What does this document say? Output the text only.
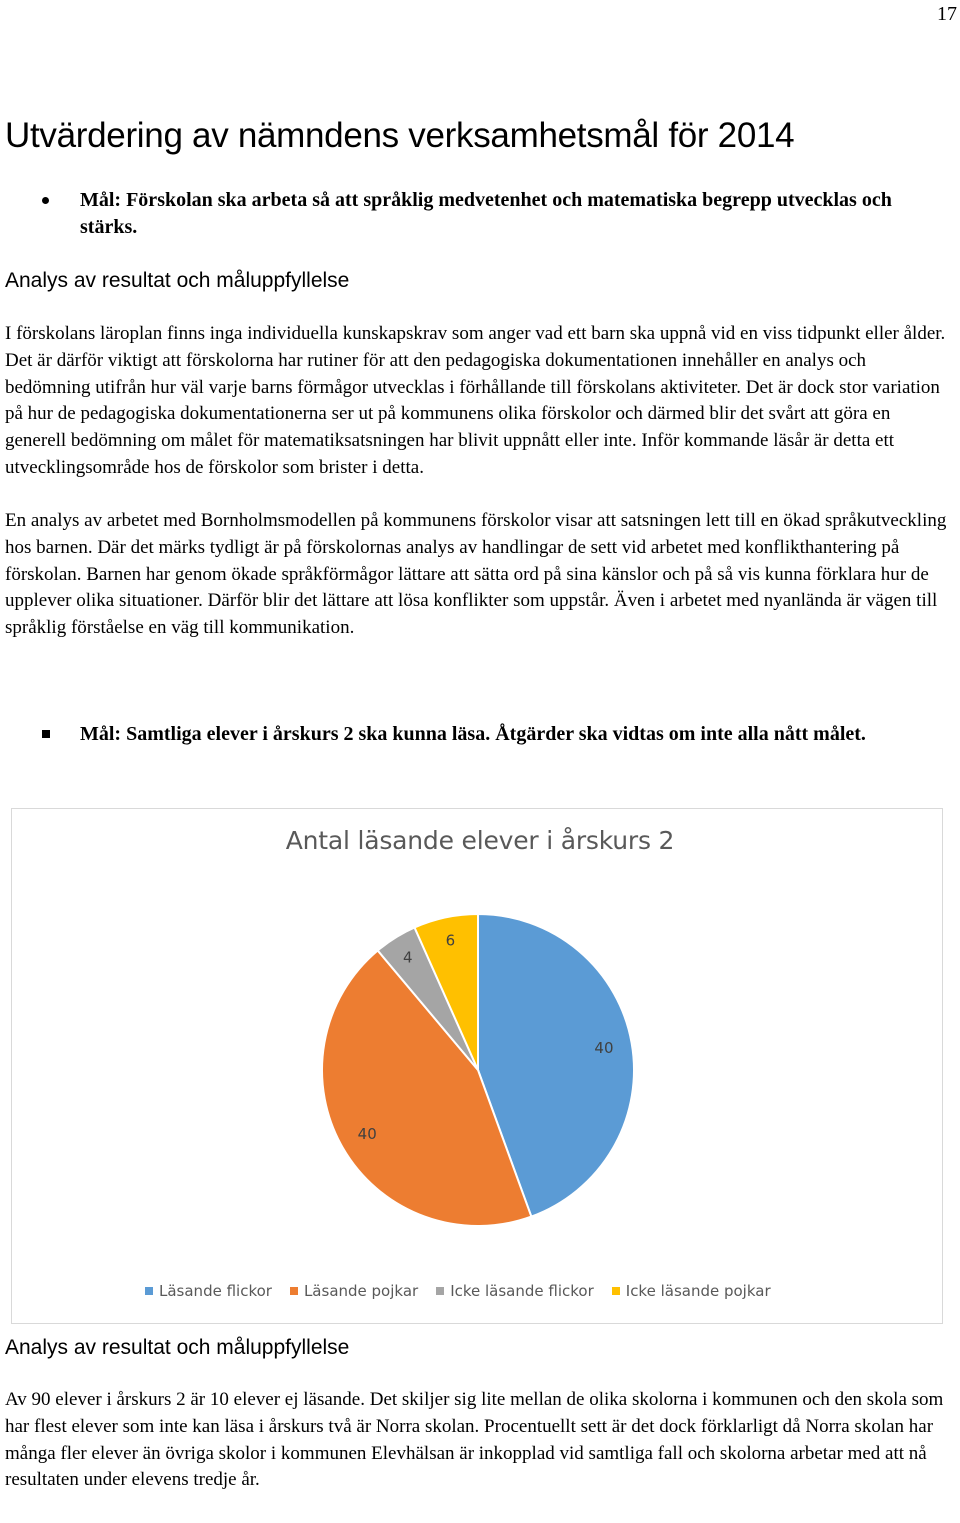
17
Utvärdering av nämndens verksamhetsmål för 2014
Mål: Förskolan ska arbeta så att språklig medvetenhet och matematiska begrepp utvecklas och stärks.
Analys av resultat och måluppfyllelse

I förskolans läroplan finns inga individuella kunskapskrav som anger vad ett barn ska uppnå vid en viss tidpunkt eller ålder. Det är därför viktigt att förskolorna har rutiner för att den pedagogiska dokumentationen innehåller en analys och bedömning utifrån hur väl varje barns förmågor utvecklas i förhållande till förskolans aktiviteter. Det är dock stor variation på hur de pedagogiska dokumentationerna ser ut på kommunens olika förskolor och därmed blir det svårt att göra en generell bedömning om målet för matematiksatsningen har blivit uppnått eller inte. Inför kommande läsår är detta ett utvecklingsområde hos de förskolor som brister i detta.

En analys av arbetet med Bornholmsmodellen på kommunens förskolor visar att satsningen lett till en ökad språkutveckling hos barnen. Där det märks tydligt är på förskolornas analys av handlingar de sett vid arbetet med konflikthantering på förskolan. Barnen har genom ökade språkförmågor lättare att sätta ord på sina känslor och på så vis kunna förklara hur de upplever olika situationer. Därför blir det lättare att lösa konflikter som uppstår. Även i arbetet med nyanlända är vägen till språklig förståelse en väg till kommunikation.

Mål: Samtliga elever i årskurs 2 ska kunna läsa. Åtgärder ska vidtas om inte alla nått målet.
Antal läsande elever i årskurs 2
40
40
4
6
Läsande flickor Läsande pojkar Icke läsande flickor Icke läsande pojkar
Analys av resultat och måluppfyllelse

Av 90 elever i årskurs 2 är 10 elever ej läsande. Det skiljer sig lite mellan de olika skolorna i kommunen och den skola som har flest elever som inte kan läsa i årskurs två är Norra skolan. Procentuellt sett är det dock förklarligt då Norra skolan har många fler elever än övriga skolor i kommunen Elevhälsan är inkopplad vid samtliga fall och skolorna arbetar med att nå resultaten under elevens tredje år.
